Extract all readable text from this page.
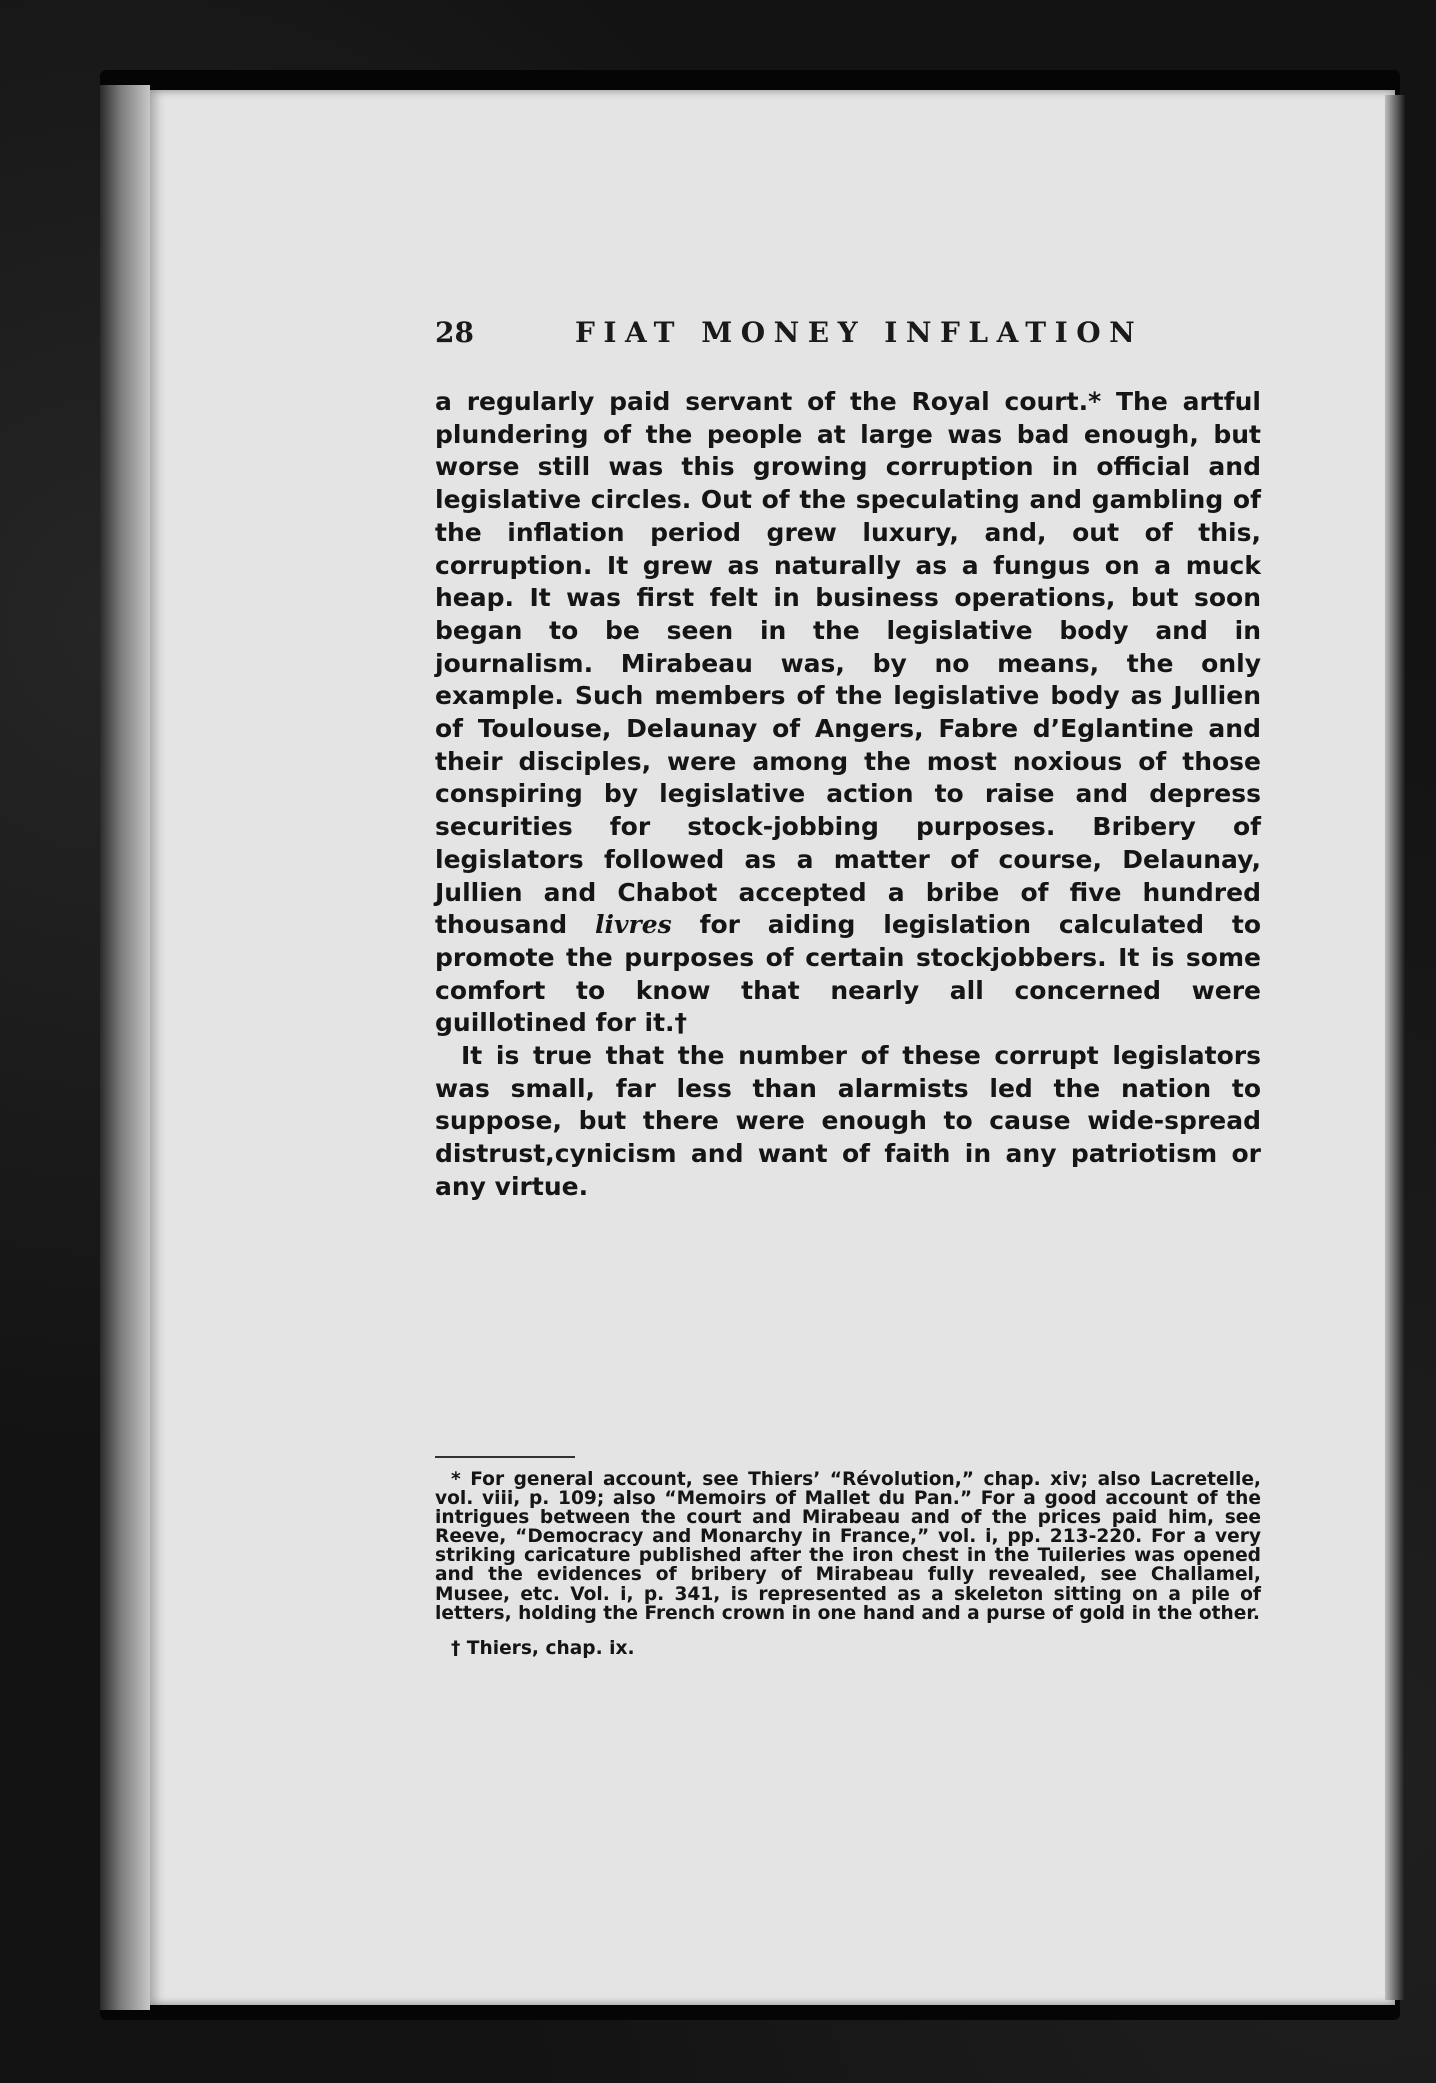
28	FIAT MONEY INFLATION

a regularly paid servant of the Royal court.* The artful plundering of the people at large was bad enough, but worse still was this growing corruption in official and legislative circles. Out of the speculating and gambling of the inflation period grew luxury, and, out of this, corruption. It grew as naturally as a fungus on a muck heap. It was first felt in business operations, but soon began to be seen in the legislative body and in journalism. Mirabeau was, by no means, the only example. Such members of the legislative body as Jullien of Toulouse, Delaunay of Angers, Fabre d’Eglantine and their disciples, were among the most noxious of those conspiring by legislative action to raise and depress securities for stock-jobbing purposes. Bribery of legislators followed as a matter of course, Delaunay, Jullien and Chabot accepted a bribe of five hundred thousand livres for aiding legislation calculated to promote the purposes of certain stockjobbers. It is some comfort to know that nearly all concerned were guillotined for it.†

It is true that the number of these corrupt legislators was small, far less than alarmists led the nation to suppose, but there were enough to cause wide-spread distrust,cynicism and want of faith in any patriotism or any virtue.

* For general account, see Thiers’ “Révolution,” chap. xiv; also Lacretelle, vol. viii, p. 109; also “Memoirs of Mallet du Pan.” For a good account of the intrigues between the court and Mirabeau and of the prices paid him, see Reeve, “Democracy and Monarchy in France,” vol. i, pp. 213-220. For a very striking caricature published after the iron chest in the Tuileries was opened and the evidences of bribery of Mirabeau fully revealed, see Challamel, Musee, etc. Vol. i, p. 341, is represented as a skeleton sitting on a pile of letters, holding the French crown in one hand and a purse of gold in the other.

† Thiers, chap. ix.
